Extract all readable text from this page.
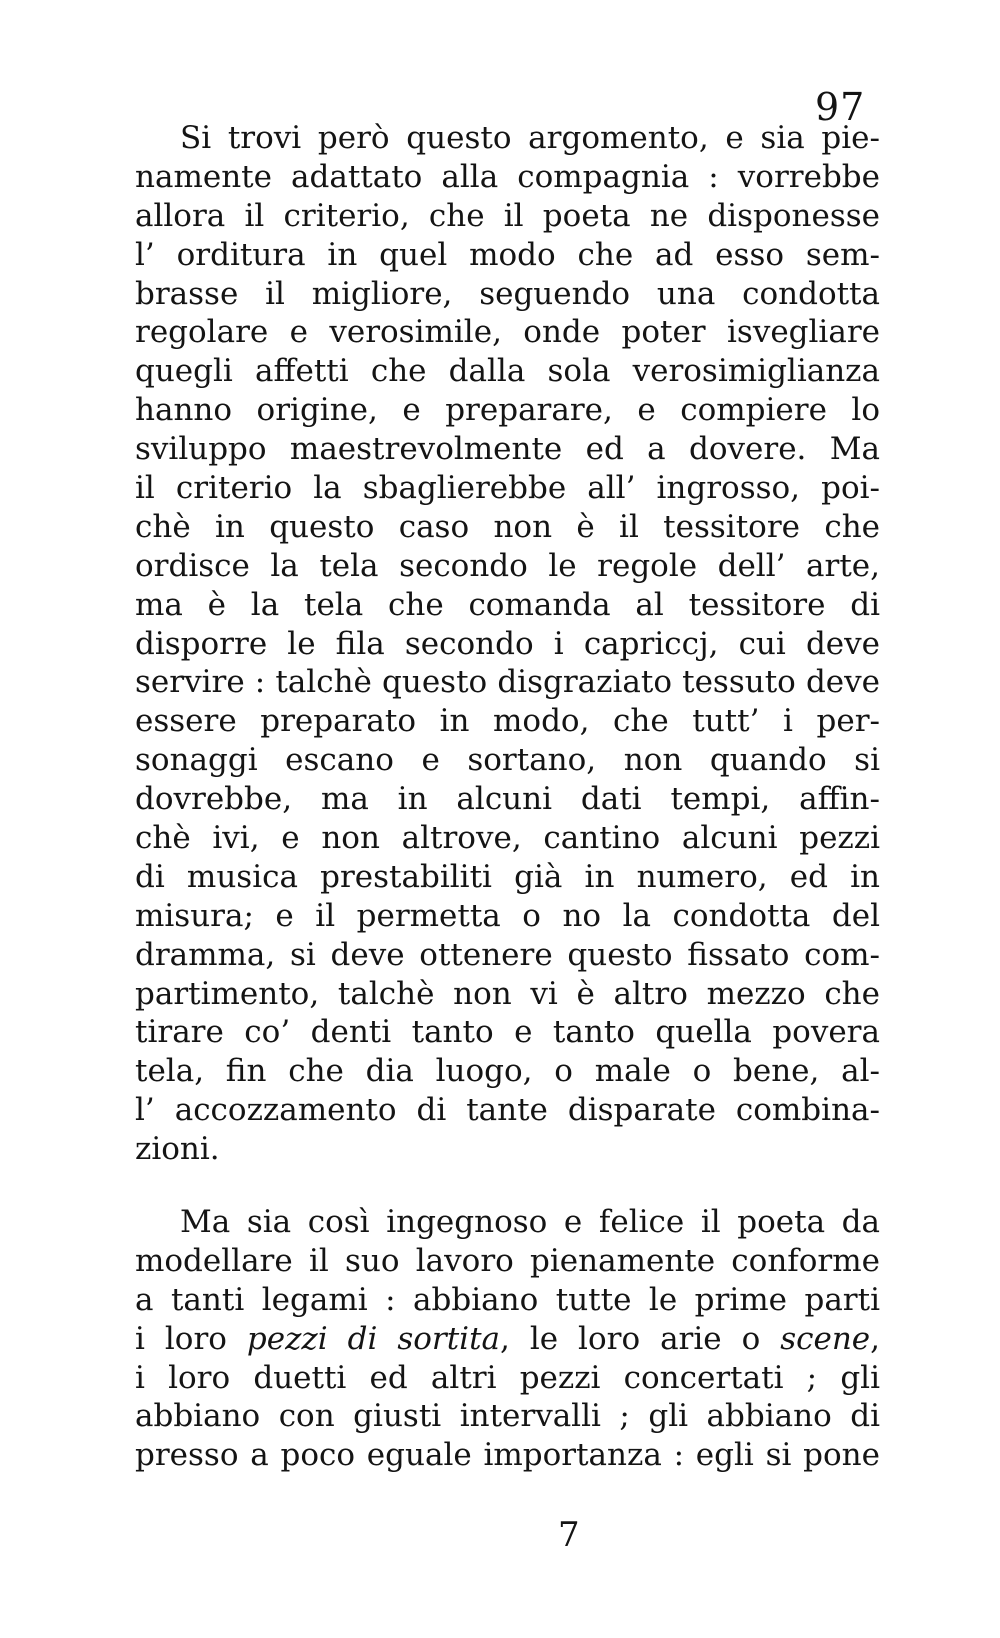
97
Si trovi però questo argomento, e sia pie-
namente adattato alla compagnia : vorrebbe
allora il criterio, che il poeta ne disponesse
l’ orditura in quel modo che ad esso sem-
brasse il migliore, seguendo una condotta
regolare e verosimile, onde poter isvegliare
quegli affetti che dalla sola verosimiglianza
hanno origine, e preparare, e compiere lo
sviluppo maestrevolmente ed a dovere. Ma
il criterio la sbaglierebbe all’ ingrosso, poi-
chè in questo caso non è il tessitore che
ordisce la tela secondo le regole dell’ arte,
ma è la tela che comanda al tessitore di
disporre le fila secondo i capriccj, cui deve
servire : talchè questo disgraziato tessuto deve
essere preparato in modo, che tutt’ i per-
sonaggi escano e sortano, non quando si
dovrebbe, ma in alcuni dati tempi, affin-
chè ivi, e non altrove, cantino alcuni pezzi
di musica prestabiliti già in numero, ed in
misura; e il permetta o no la condotta del
dramma, si deve ottenere questo fissato com-
partimento, talchè non vi è altro mezzo che
tirare co’ denti tanto e tanto quella povera
tela, fin che dia luogo, o male o bene, al-
l’ accozzamento di tante disparate combina-
zioni.
Ma sia così ingegnoso e felice il poeta da
modellare il suo lavoro pienamente conforme
a tanti legami : abbiano tutte le prime parti
i loro pezzi di sortita, le loro arie o scene,
i loro duetti ed altri pezzi concertati ; gli
abbiano con giusti intervalli ; gli abbiano di
presso a poco eguale importanza : egli si pone
7
